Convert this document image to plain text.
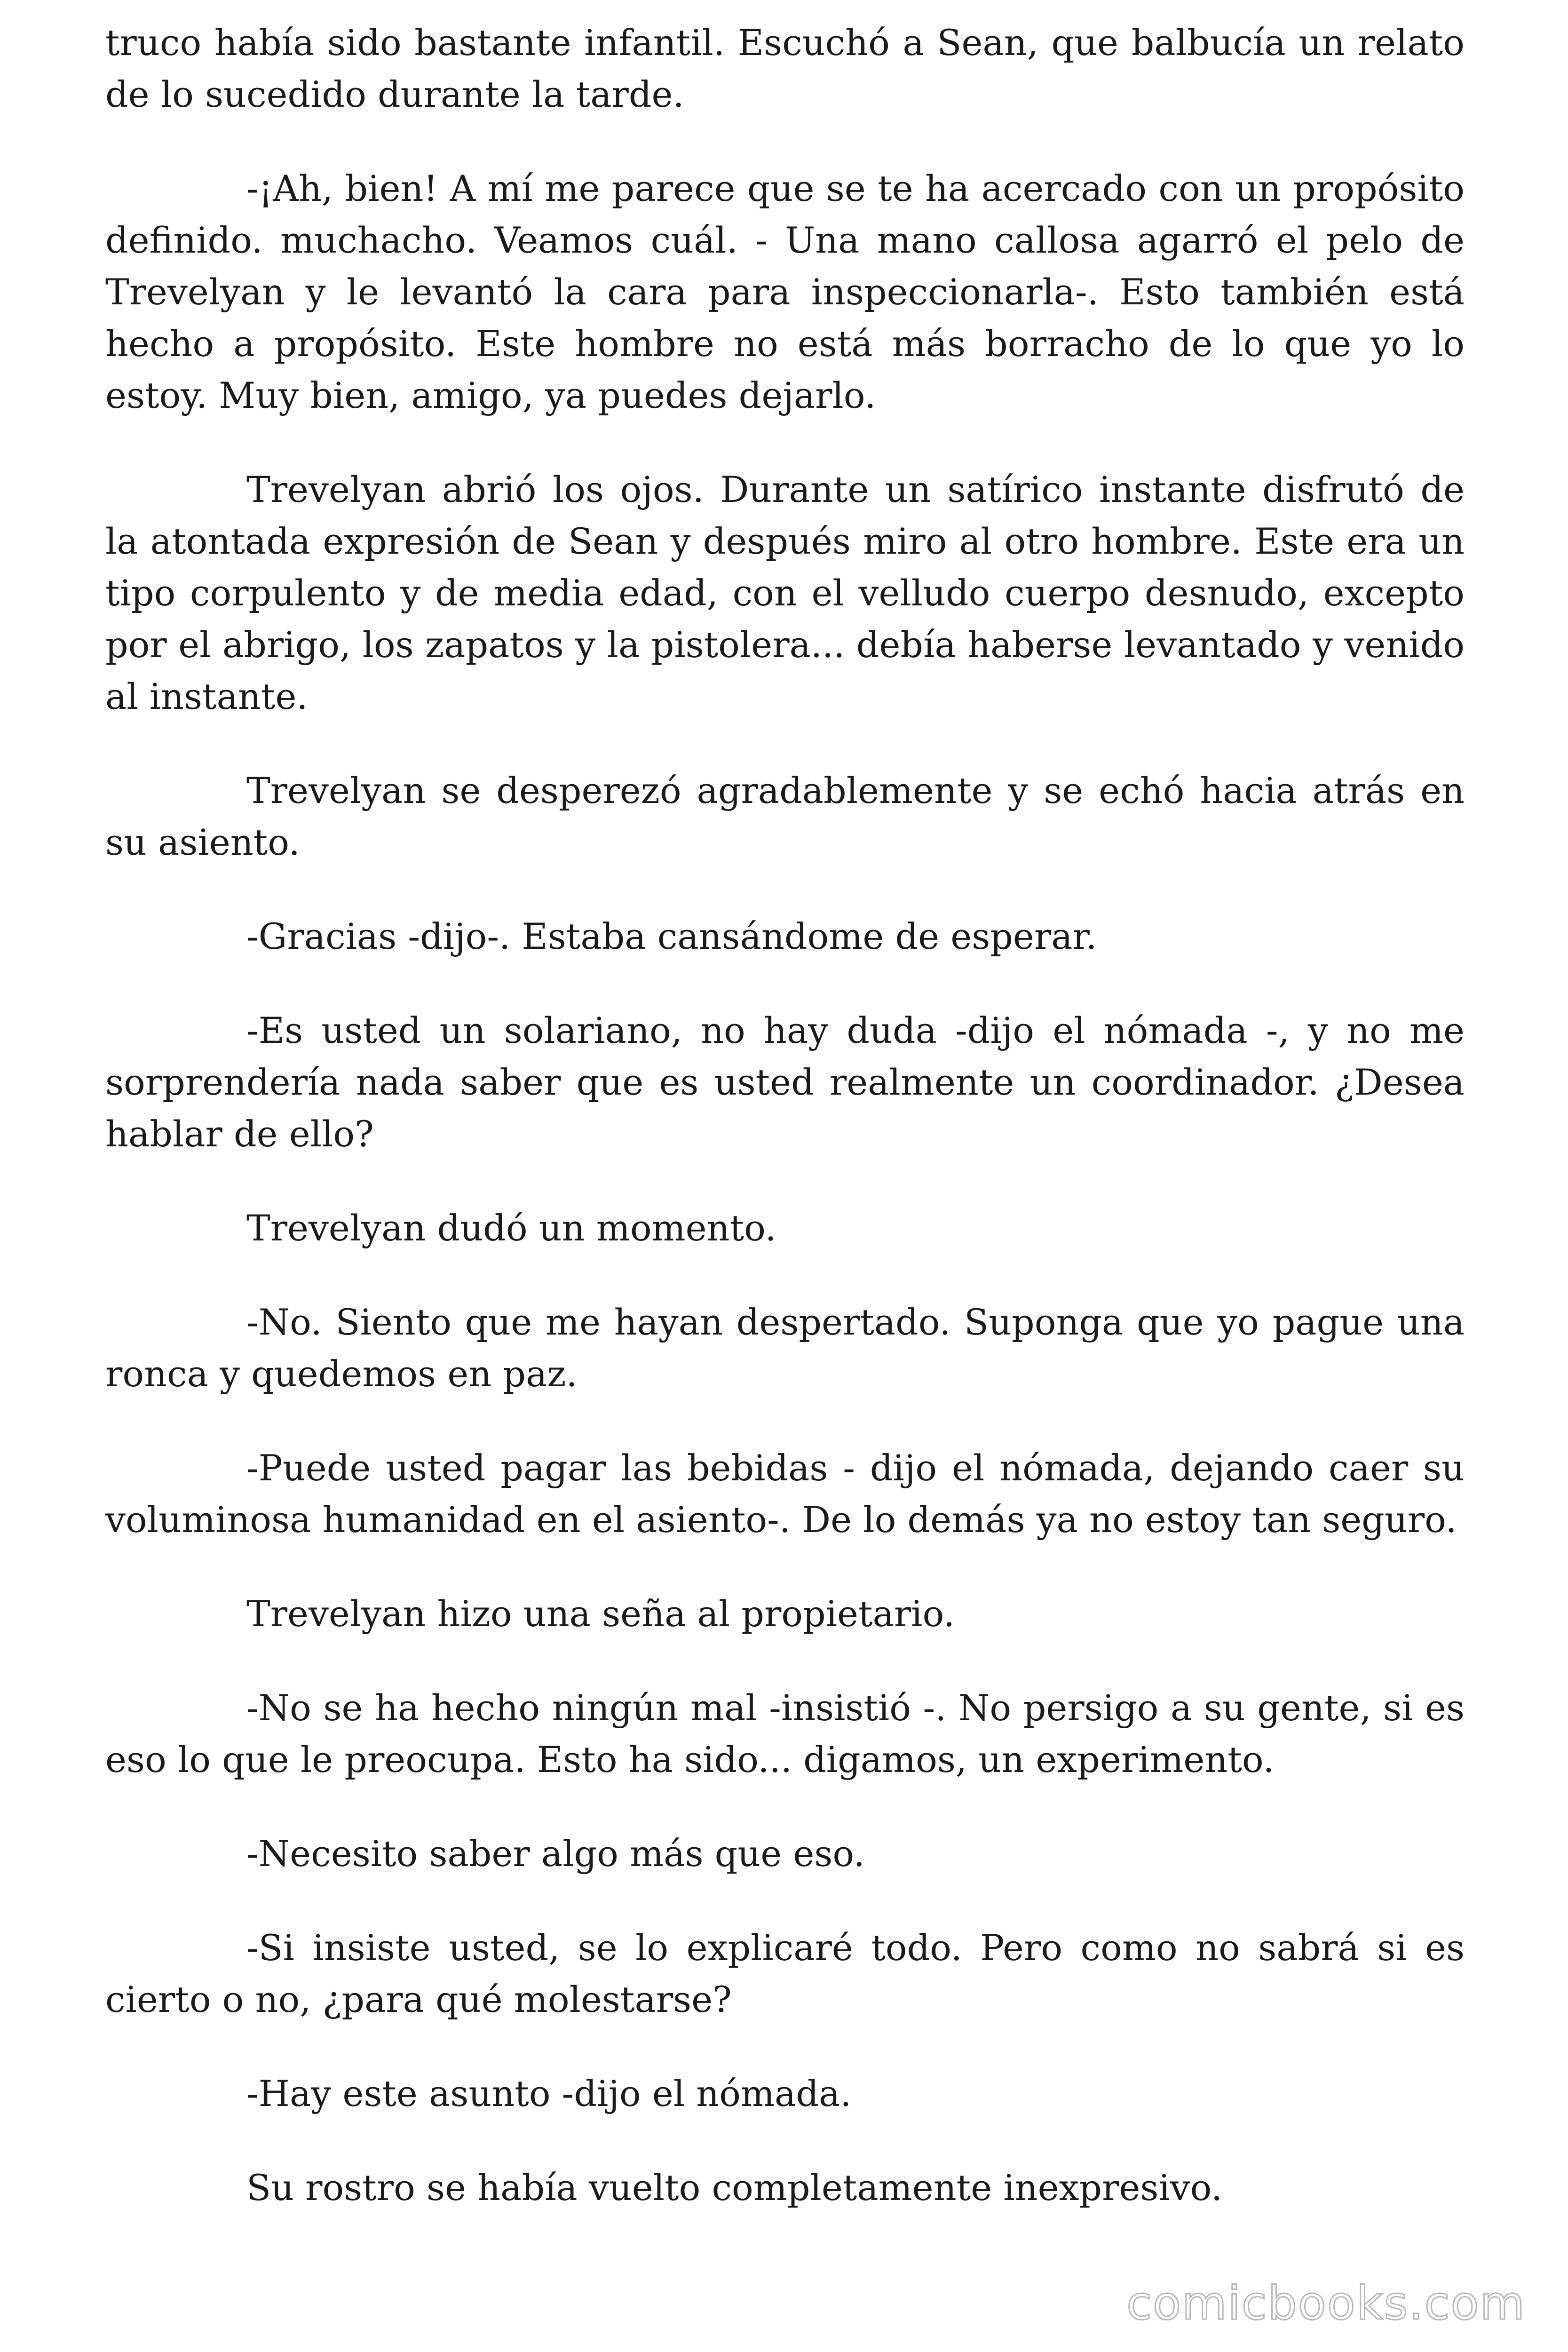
truco había sido bastante infantil. Escuchó a Sean, que balbucía un relato de lo sucedido durante la tarde.

-¡Ah, bien! A mí me parece que se te ha acercado con un propósito definido. muchacho. Veamos cuál. - Una mano callosa agarró el pelo de Trevelyan y le levantó la cara para inspeccionarla-. Esto también está hecho a propósito. Este hombre no está más borracho de lo que yo lo estoy. Muy bien, amigo, ya puedes dejarlo.

Trevelyan abrió los ojos. Durante un satírico instante disfrutó de la atontada expresión de Sean y después miro al otro hombre. Este era un tipo corpulento y de media edad, con el velludo cuerpo desnudo, excepto por el abrigo, los zapatos y la pistolera... debía haberse levantado y venido al instante.

Trevelyan se desperezó agradablemente y se echó hacia atrás en su asiento.

-Gracias -dijo-. Estaba cansándome de esperar.

-Es usted un solariano, no hay duda -dijo el nómada -, y no me sorprendería nada saber que es usted realmente un coordinador. ¿Desea hablar de ello?

Trevelyan dudó un momento.

-No. Siento que me hayan despertado. Suponga que yo pague una ronca y quedemos en paz.

-Puede usted pagar las bebidas - dijo el nómada, dejando caer su voluminosa humanidad en el asiento-. De lo demás ya no estoy tan seguro.

Trevelyan hizo una seña al propietario.

-No se ha hecho ningún mal -insistió -. No persigo a su gente, si es eso lo que le preocupa. Esto ha sido... digamos, un experimento.

-Necesito saber algo más que eso.

-Si insiste usted, se lo explicaré todo. Pero como no sabrá si es cierto o no, ¿para qué molestarse?

-Hay este asunto -dijo el nómada.

Su rostro se había vuelto completamente inexpresivo.

comicbooks.com
